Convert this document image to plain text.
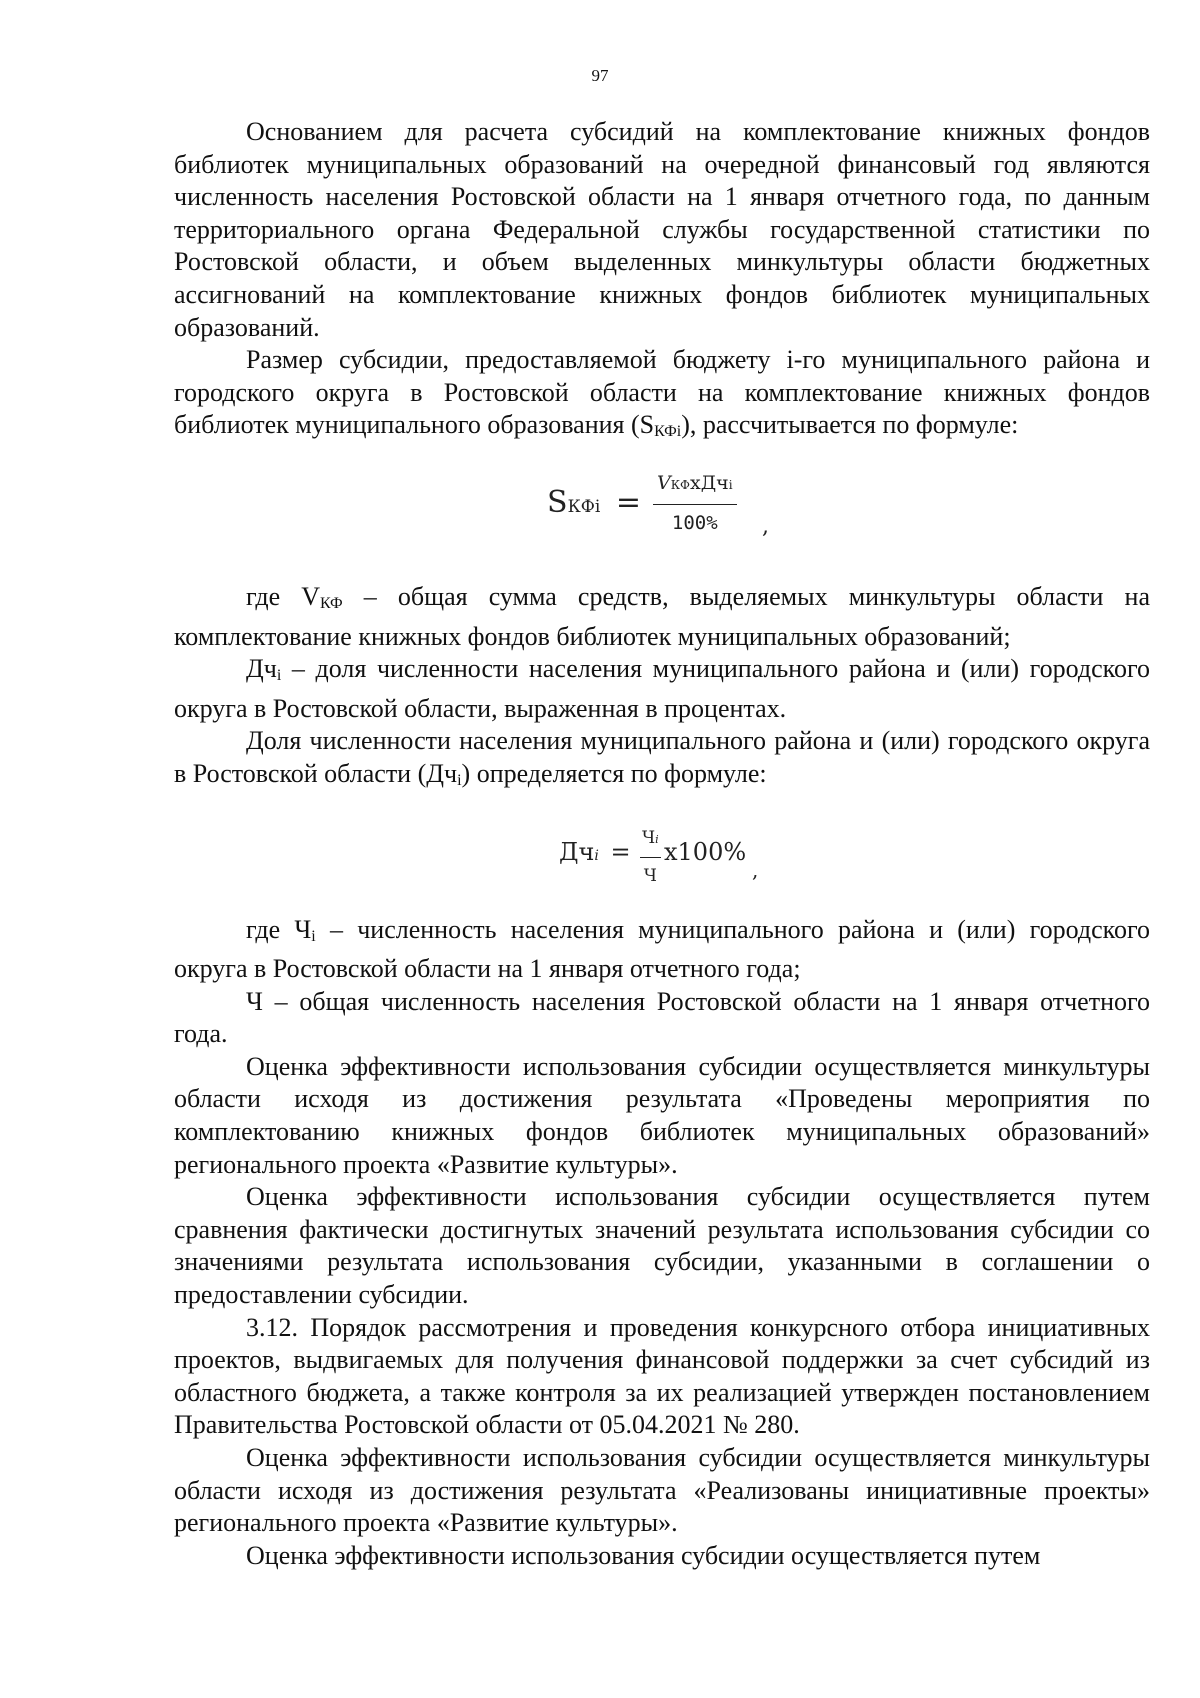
97

Основанием для расчета субсидий на комплектование книжных фондов библиотек муниципальных образований на очередной финансовый год являются численность населения Ростовской области на 1 января отчетного года, по данным территориального органа Федеральной службы государственной статистики по Ростовской области, и объем выделенных минкультуры области бюджетных ассигнований на комплектование книжных фондов библиотек муниципальных образований.

Размер субсидии, предоставляемой бюджету i-го муниципального района и городского округа в Ростовской области на комплектование книжных фондов библиотек муниципального образования (SКФi), рассчитывается по формуле:

SКФi =
VКФхДчi
100%	,

где VКФ – общая сумма средств, выделяемых минкультуры области на комплектование книжных фондов библиотек муниципальных образований;

Дчi – доля численности населения муниципального района и (или) городского округа в Ростовской области, выраженная в процентах.

Доля численности населения муниципального района и (или) городского округа в Ростовской области (Дчi) определяется по формуле:

Дчi = Чi
Ч
х100%
,

где Чi – численность населения муниципального района и (или) городского округа в Ростовской области на 1 января отчетного года;

Ч – общая численность населения Ростовской области на 1 января отчетного года.

Оценка эффективности использования субсидии осуществляется минкультуры области исходя из достижения результата «Проведены мероприятия по комплектованию книжных фондов библиотек муниципальных образований» регионального проекта «Развитие культуры».

Оценка эффективности использования субсидии осуществляется путем сравнения фактически достигнутых значений результата использования субсидии со значениями результата использования субсидии, указанными в соглашении о предоставлении субсидии.

3.12. Порядок рассмотрения и проведения конкурсного отбора инициативных проектов, выдвигаемых для получения финансовой поддержки за счет субсидий из областного бюджета, а также контроля за их реализацией утвержден постановлением Правительства Ростовской области от 05.04.2021 № 280.

Оценка эффективности использования субсидии осуществляется минкультуры области исходя из достижения результата «Реализованы инициативные проекты» регионального проекта «Развитие культуры».

Оценка эффективности использования субсидии осуществляется путем
